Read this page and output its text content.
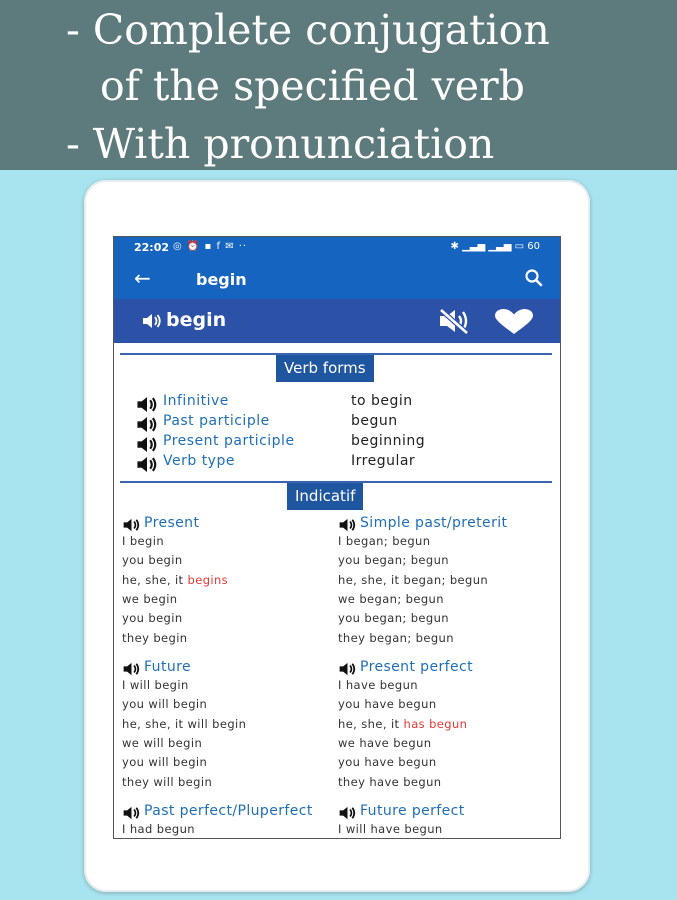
- Complete conjugation
of the specified verb
- With pronunciation
22:02 ◎ ⏰ ▪ f ✉ ··	✱ ▁▃▅ ▁▃▅ ▭ 60
←	begin
begin
Verb forms
Infinitive	to begin
Past participle	begun
Present participle	beginning
Verb type	Irregular
Indicatif
Present
I begin
you begin
he, she, it begins
we begin
you begin
they begin
Simple past/preterit
I began; begun
you began; begun
he, she, it began; begun
we began; begun
you began; begun
they began; begun
Future
I will begin
you will begin
he, she, it will begin
we will begin
you will begin
they will begin
Present perfect
I have begun
you have begun
he, she, it has begun
we have begun
you have begun
they have begun
Past perfect/Pluperfect
I had begun
Future perfect
I will have begun
